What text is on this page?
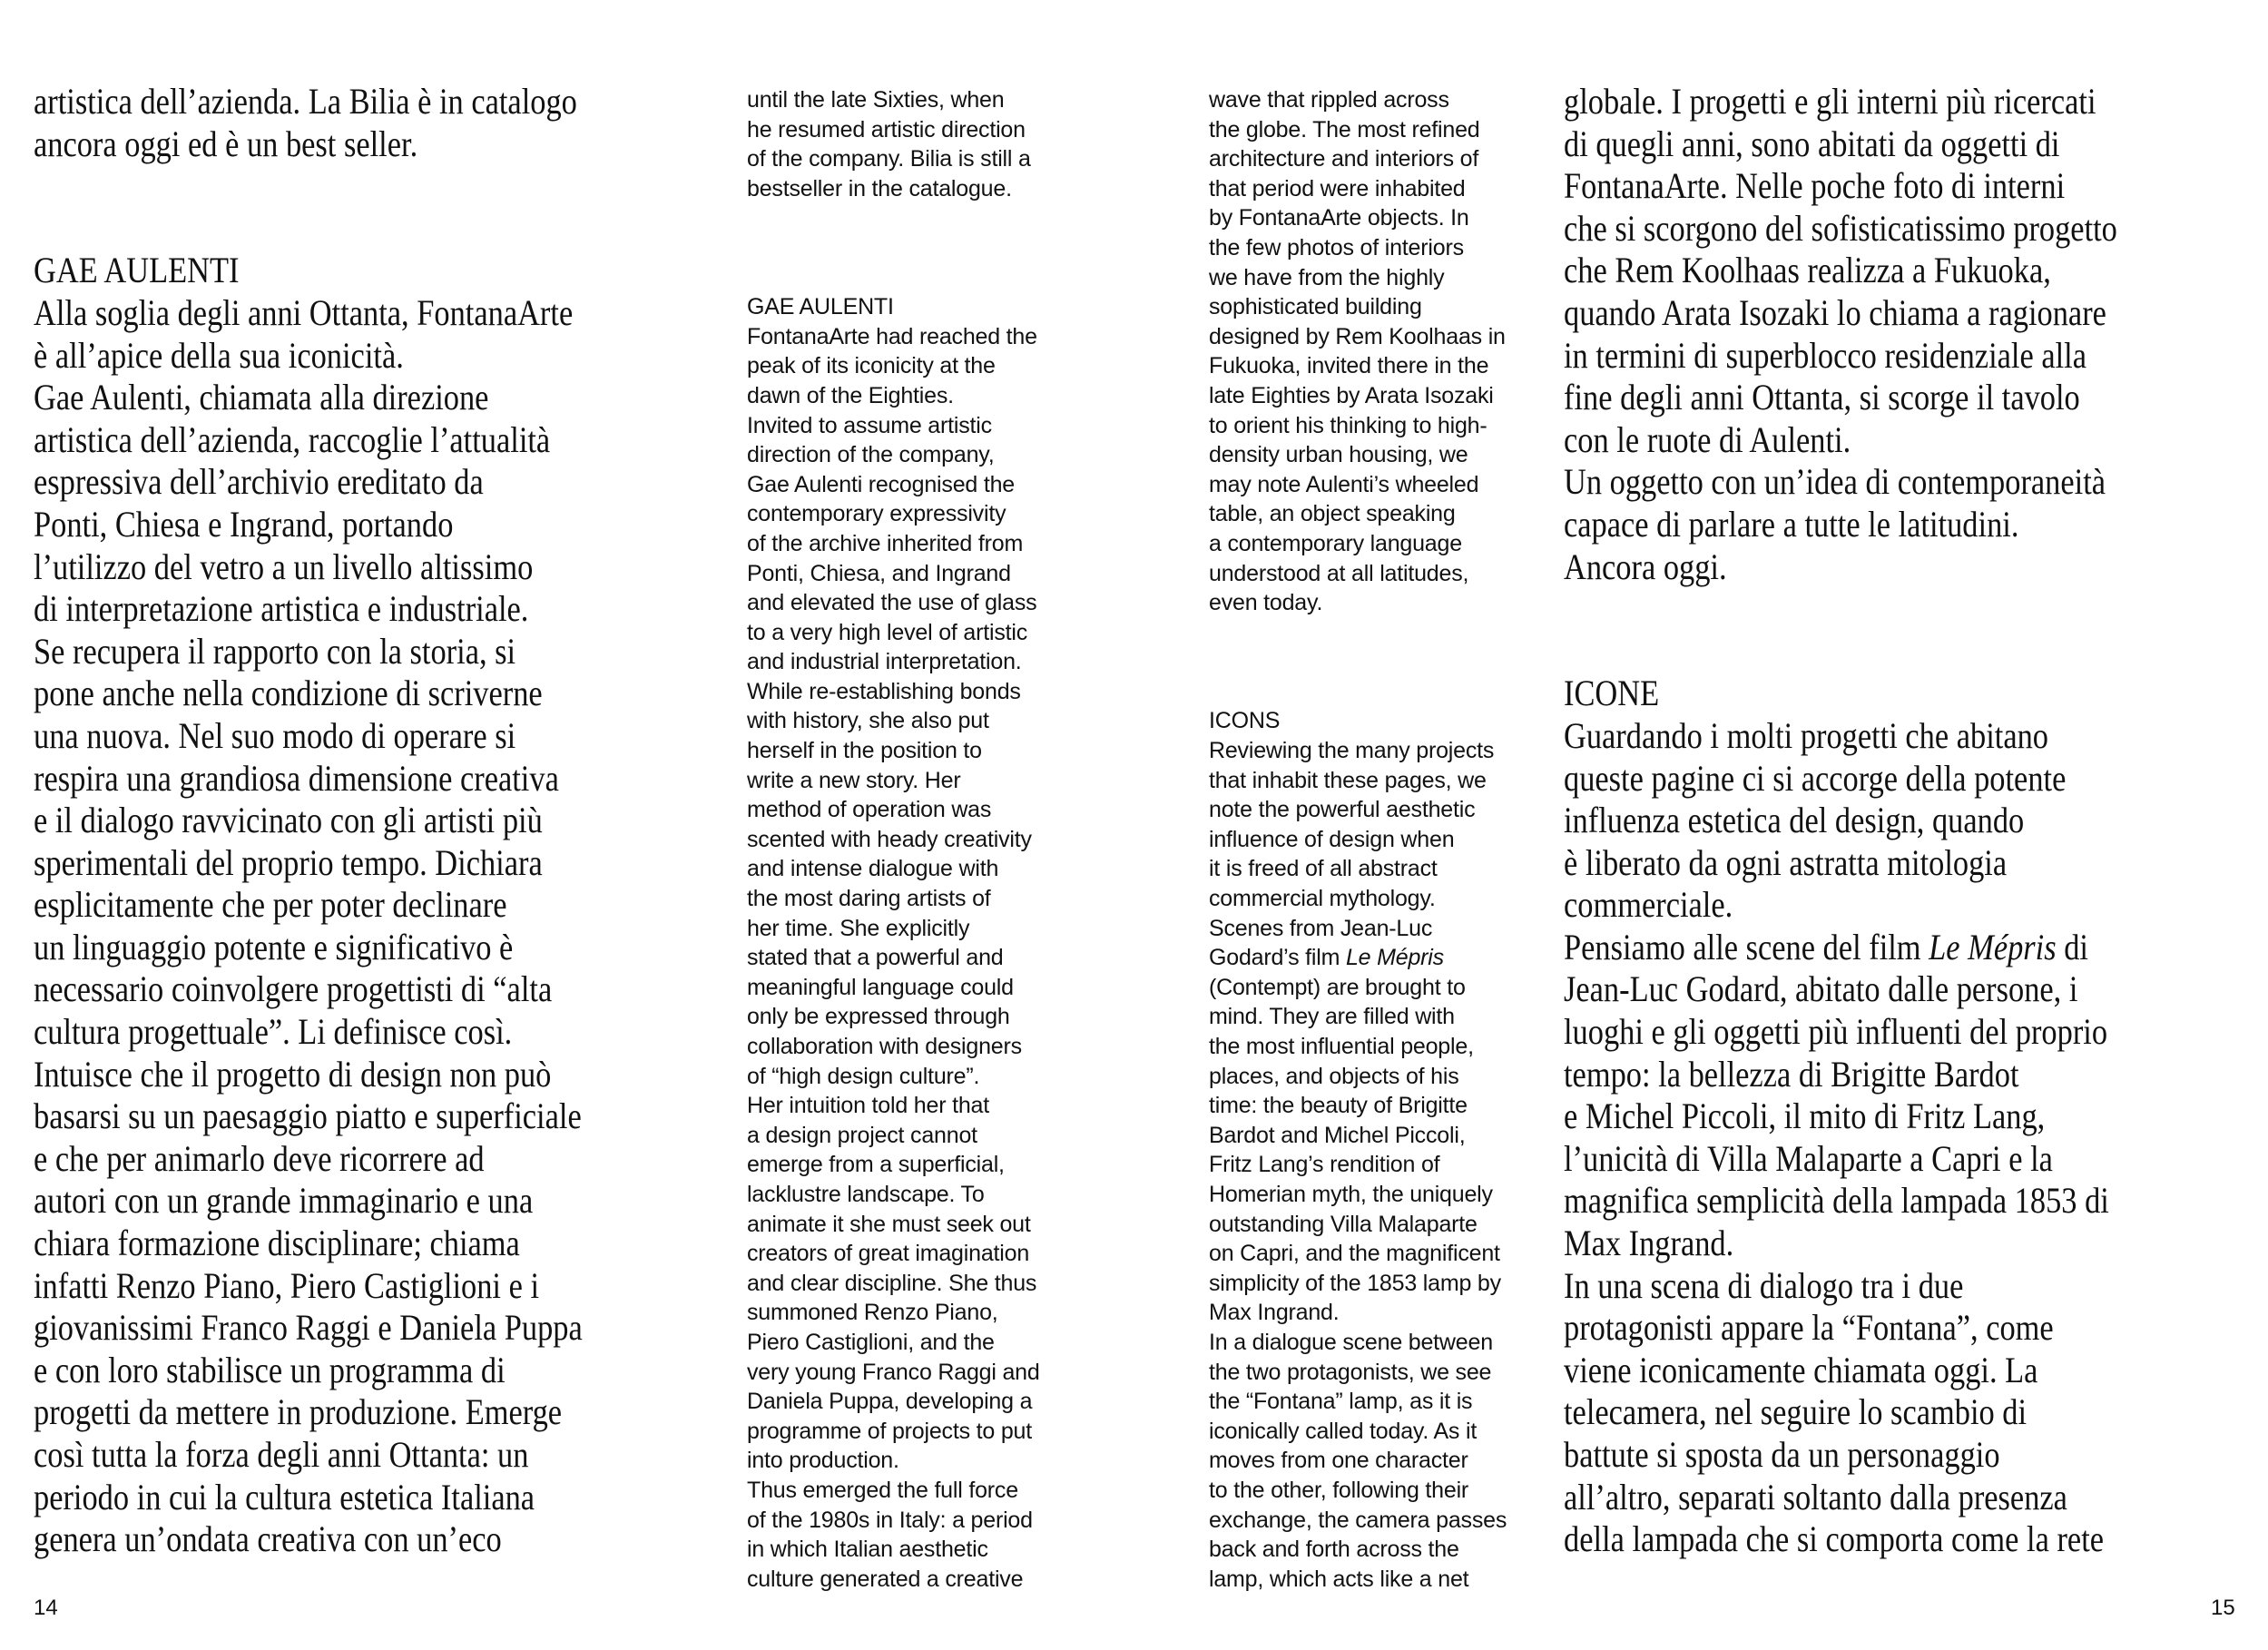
artistica dell’azienda. La Bilia è in catalogo
ancora oggi ed è un best seller.
GAE AULENTI
Alla soglia degli anni Ottanta, FontanaArte
è all’apice della sua iconicità.
Gae Aulenti, chiamata alla direzione
artistica dell’azienda, raccoglie l’attualità
espressiva dell’archivio ereditato da
Ponti, Chiesa e Ingrand, portando
l’utilizzo del vetro a un livello altissimo
di interpretazione artistica e industriale.
Se recupera il rapporto con la storia, si
pone anche nella condizione di scriverne
una nuova. Nel suo modo di operare si
respira una grandiosa dimensione creativa
e il dialogo ravvicinato con gli artisti più
sperimentali del proprio tempo. Dichiara
esplicitamente che per poter declinare
un linguaggio potente e significativo è
necessario coinvolgere progettisti di “alta
cultura progettuale”. Li definisce così.
Intuisce che il progetto di design non può
basarsi su un paesaggio piatto e superficiale
e che per animarlo deve ricorrere ad
autori con un grande immaginario e una
chiara formazione disciplinare; chiama
infatti Renzo Piano, Piero Castiglioni e i
giovanissimi Franco Raggi e Daniela Puppa
e con loro stabilisce un programma di
progetti da mettere in produzione. Emerge
così tutta la forza degli anni Ottanta: un
periodo in cui la cultura estetica Italiana
genera un’ondata creativa con un’eco
until the late Sixties, when
he resumed artistic direction
of the company. Bilia is still a
bestseller in the catalogue.
GAE AULENTI
FontanaArte had reached the
peak of its iconicity at the
dawn of the Eighties.
Invited to assume artistic
direction of the company,
Gae Aulenti recognised the
contemporary expressivity
of the archive inherited from
Ponti, Chiesa, and Ingrand
and elevated the use of glass
to a very high level of artistic
and industrial interpretation.
While re-establishing bonds
with history, she also put
herself in the position to
write a new story. Her
method of operation was
scented with heady creativity
and intense dialogue with
the most daring artists of
her time. She explicitly
stated that a powerful and
meaningful language could
only be expressed through
collaboration with designers
of “high design culture”.
Her intuition told her that
a design project cannot
emerge from a superficial,
lacklustre landscape. To
animate it she must seek out
creators of great imagination
and clear discipline. She thus
summoned Renzo Piano,
Piero Castiglioni, and the
very young Franco Raggi and
Daniela Puppa, developing a
programme of projects to put
into production.
Thus emerged the full force
of the 1980s in Italy: a period
in which Italian aesthetic
culture generated a creative
wave that rippled across
the globe. The most refined
architecture and interiors of
that period were inhabited
by FontanaArte objects. In
the few photos of interiors
we have from the highly
sophisticated building
designed by Rem Koolhaas in
Fukuoka, invited there in the
late Eighties by Arata Isozaki
to orient his thinking to high-
density urban housing, we
may note Aulenti’s wheeled
table, an object speaking
a contemporary language
understood at all latitudes,
even today.
ICONS
Reviewing the many projects
that inhabit these pages, we
note the powerful aesthetic
influence of design when
it is freed of all abstract
commercial mythology.
Scenes from Jean-Luc
Godard’s film Le Mépris
(Contempt) are brought to
mind. They are filled with
the most influential people,
places, and objects of his
time: the beauty of Brigitte
Bardot and Michel Piccoli,
Fritz Lang’s rendition of
Homerian myth, the uniquely
outstanding Villa Malaparte
on Capri, and the magnificent
simplicity of the 1853 lamp by
Max Ingrand.
In a dialogue scene between
the two protagonists, we see
the “Fontana” lamp, as it is
iconically called today. As it
moves from one character
to the other, following their
exchange, the camera passes
back and forth across the
lamp, which acts like a net
globale. I progetti e gli interni più ricercati
di quegli anni, sono abitati da oggetti di
FontanaArte. Nelle poche foto di interni
che si scorgono del sofisticatissimo progetto
che Rem Koolhaas realizza a Fukuoka,
quando Arata Isozaki lo chiama a ragionare
in termini di superblocco residenziale alla
fine degli anni Ottanta, si scorge il tavolo
con le ruote di Aulenti.
Un oggetto con un’idea di contemporaneità
capace di parlare a tutte le latitudini.
Ancora oggi.
ICONE
Guardando i molti progetti che abitano
queste pagine ci si accorge della potente
influenza estetica del design, quando
è liberato da ogni astratta mitologia
commerciale.
Pensiamo alle scene del film Le Mépris di
Jean-Luc Godard, abitato dalle persone, i
luoghi e gli oggetti più influenti del proprio
tempo: la bellezza di Brigitte Bardot
e Michel Piccoli, il mito di Fritz Lang,
l’unicità di Villa Malaparte a Capri e la
magnifica semplicità della lampada 1853 di
Max Ingrand.
In una scena di dialogo tra i due
protagonisti appare la “Fontana”, come
viene iconicamente chiamata oggi. La
telecamera, nel seguire lo scambio di
battute si sposta da un personaggio
all’altro, separati soltanto dalla presenza
della lampada che si comporta come la rete
14	15
